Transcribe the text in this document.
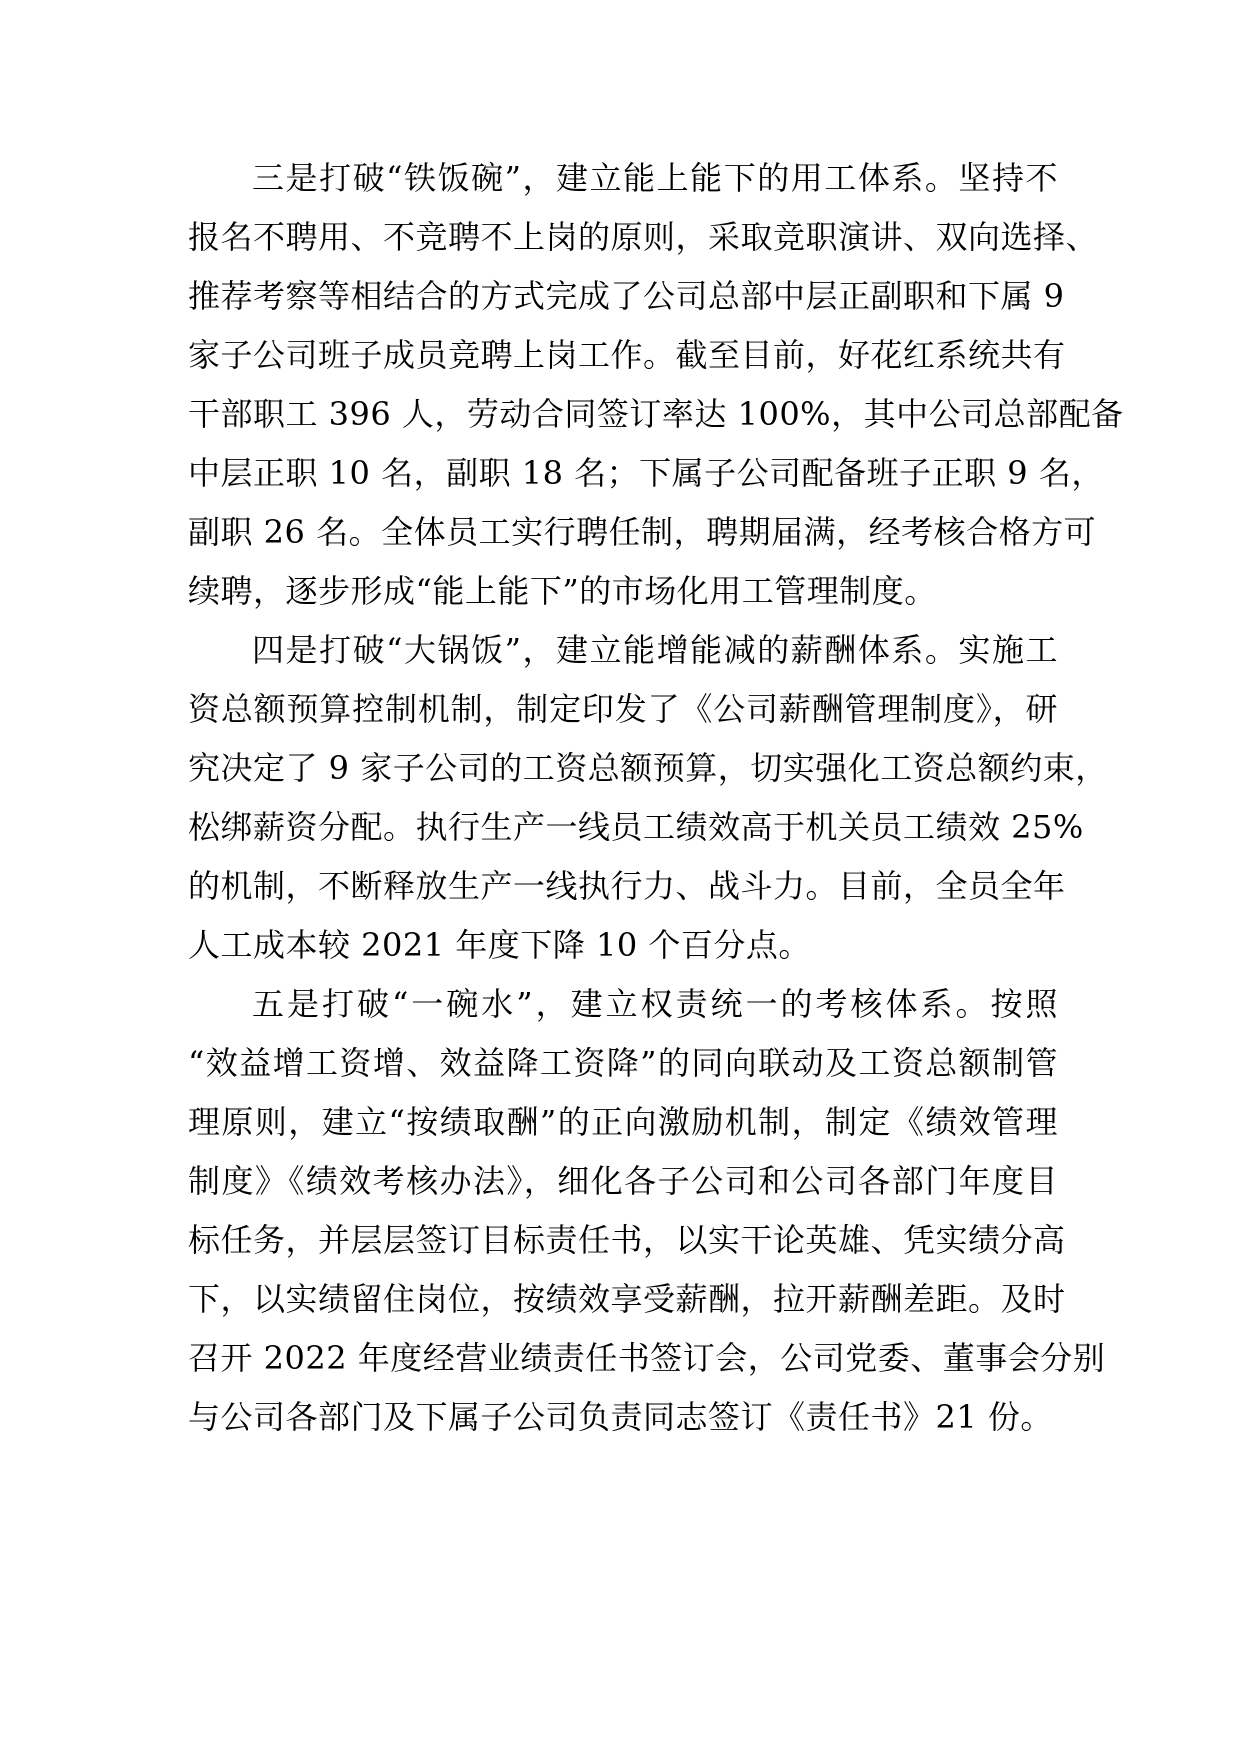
三是打破“铁饭碗”，建立能上能下的用工体系。坚持不
报名不聘用、不竞聘不上岗的原则，采取竞职演讲、双向选择、
推荐考察等相结合的方式完成了公司总部中层正副职和下属 9
家子公司班子成员竞聘上岗工作。截至目前，好花红系统共有
干部职工 396 人，劳动合同签订率达 100%，其中公司总部配备
中层正职 10 名，副职 18 名；下属子公司配备班子正职 9 名，
副职 26 名。全体员工实行聘任制，聘期届满，经考核合格方可
续聘，逐步形成“能上能下”的市场化用工管理制度。
四是打破“大锅饭”，建立能增能减的薪酬体系。实施工
资总额预算控制机制，制定印发了《公司薪酬管理制度》，研
究决定了 9 家子公司的工资总额预算，切实强化工资总额约束，
松绑薪资分配。执行生产一线员工绩效高于机关员工绩效 25%
的机制，不断释放生产一线执行力、战斗力。目前，全员全年
人工成本较 2021 年度下降 10 个百分点。
五是打破“一碗水”，建立权责统一的考核体系。按照
“效益增工资增、效益降工资降”的同向联动及工资总额制管
理原则，建立“按绩取酬”的正向激励机制，制定《绩效管理
制度》《绩效考核办法》，细化各子公司和公司各部门年度目
标任务，并层层签订目标责任书，以实干论英雄、凭实绩分高
下，以实绩留住岗位，按绩效享受薪酬，拉开薪酬差距。及时
召开 2022 年度经营业绩责任书签订会，公司党委、董事会分别
与公司各部门及下属子公司负责同志签订《责任书》21 份。
